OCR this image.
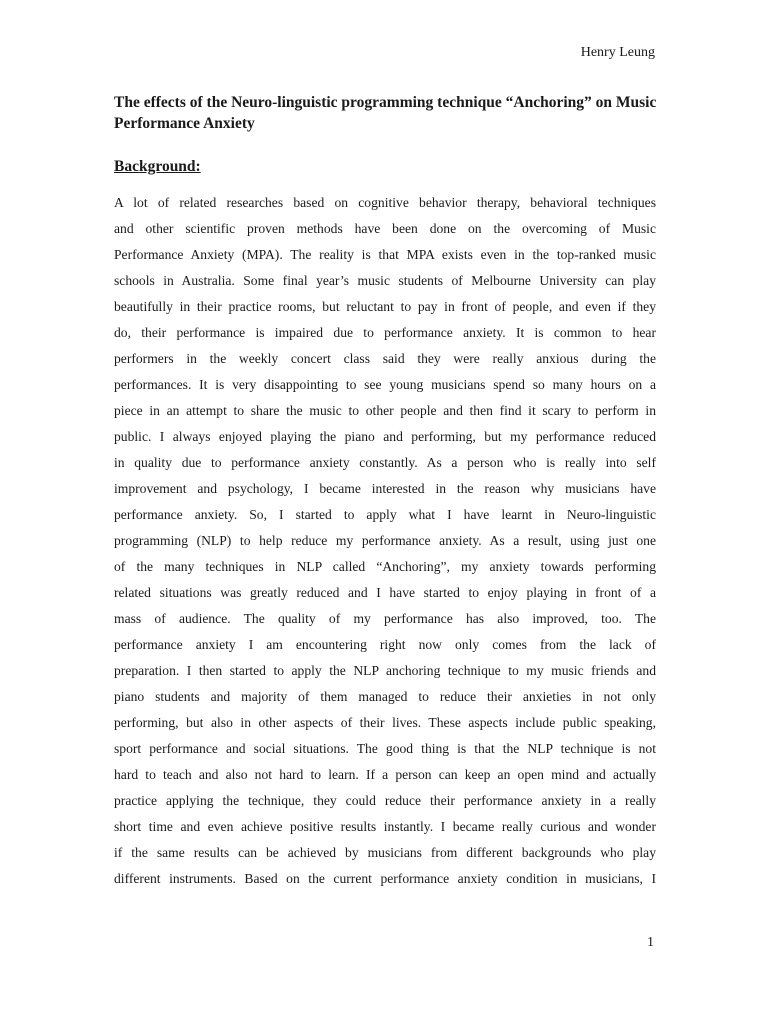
Henry Leung
The effects of the Neuro-linguistic programming technique “Anchoring” on Music Performance Anxiety
Background:
A lot of related researches based on cognitive behavior therapy, behavioral techniques
and other scientific proven methods have been done on the overcoming of Music
Performance Anxiety (MPA). The reality is that MPA exists even in the top-ranked music
schools in Australia. Some final year’s music students of Melbourne University can play
beautifully in their practice rooms, but reluctant to pay in front of people, and even if they
do, their performance is impaired due to performance anxiety. It is common to hear
performers in the weekly concert class said they were really anxious during the
performances. It is very disappointing to see young musicians spend so many hours on a
piece in an attempt to share the music to other people and then find it scary to perform in
public. I always enjoyed playing the piano and performing, but my performance reduced
in quality due to performance anxiety constantly. As a person who is really into self
improvement and psychology, I became interested in the reason why musicians have
performance anxiety. So, I started to apply what I have learnt in Neuro-linguistic
programming (NLP) to help reduce my performance anxiety. As a result, using just one
of the many techniques in NLP called “Anchoring”, my anxiety towards performing
related situations was greatly reduced and I have started to enjoy playing in front of a
mass of audience. The quality of my performance has also improved, too. The
performance anxiety I am encountering right now only comes from the lack of
preparation. I then started to apply the NLP anchoring technique to my music friends and
piano students and majority of them managed to reduce their anxieties in not only
performing, but also in other aspects of their lives. These aspects include public speaking,
sport performance and social situations. The good thing is that the NLP technique is not
hard to teach and also not hard to learn. If a person can keep an open mind and actually
practice applying the technique, they could reduce their performance anxiety in a really
short time and even achieve positive results instantly. I became really curious and wonder
if the same results can be achieved by musicians from different backgrounds who play
different instruments. Based on the current performance anxiety condition in musicians, I
1
